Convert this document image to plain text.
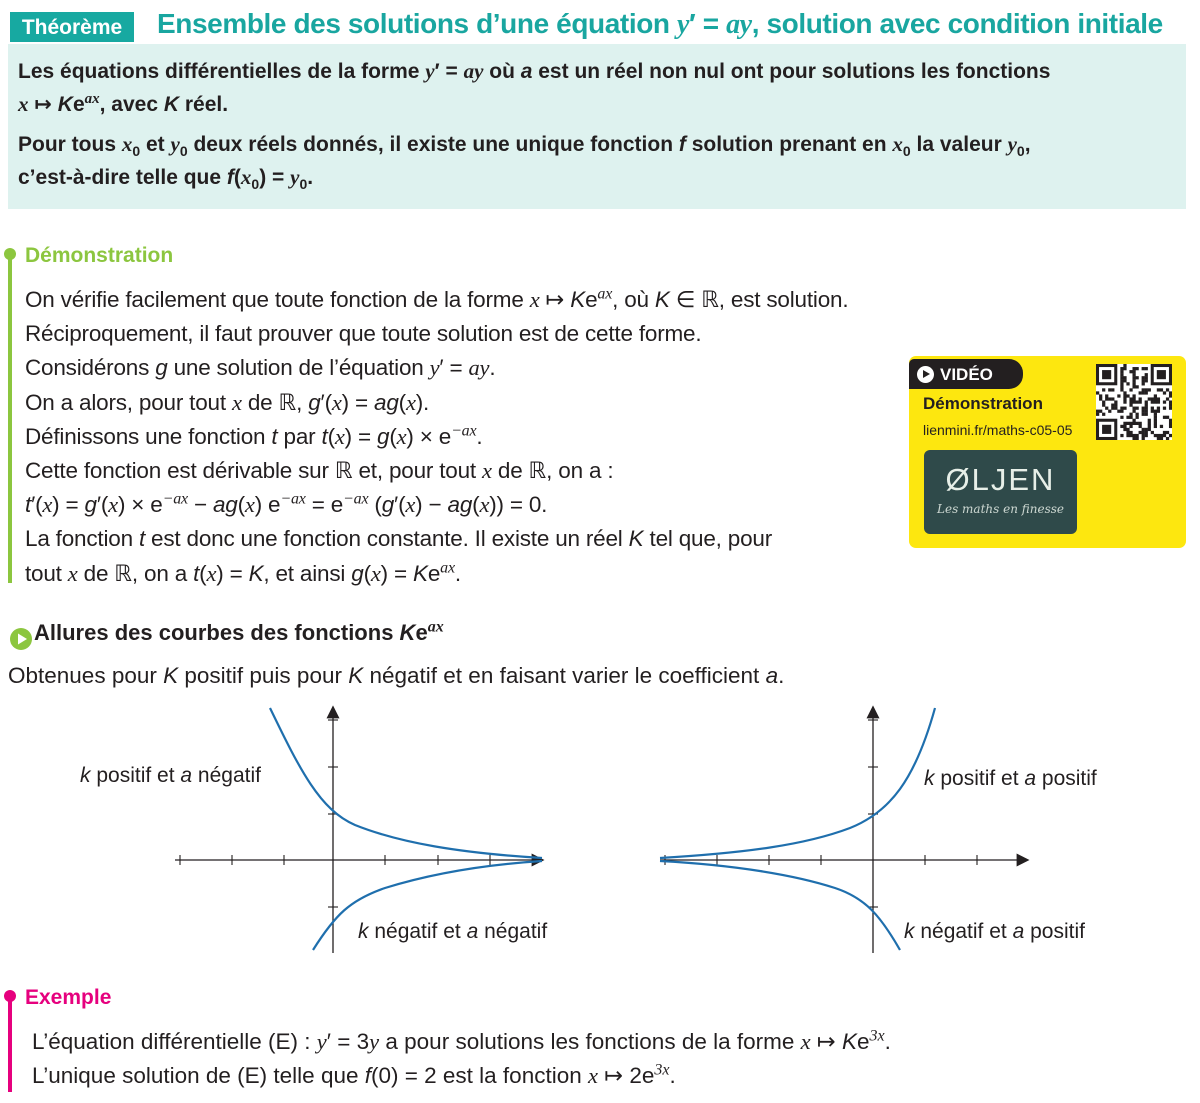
Théorème	Ensemble des solutions d’une équation y′ = ay, solution avec condition initiale
Les équations différentielles de la forme y′ = ay où a est un réel non nul ont pour solutions les fonctions
x ↦ $Ke^{ax}$, avec K réel.
Pour tous $x_0$ et $y_0$ deux réels donnés, il existe une unique fonction f solution prenant en $x_0$ la valeur $y_0$,
c’est-à-dire telle que $f(x_0) = y_0$.
Démonstration
On vérifie facilement que toute fonction de la forme x ↦ $Ke^{ax}$, où K ∈ ℝ, est solution.
Réciproquement, il faut prouver que toute solution est de cette forme.
Considérons g une solution de l’équation y′ = ay.
On a alors, pour tout x de ℝ, g′(x) = ag(x).
Définissons une fonction t par $t(x) = g(x) \times e^{-ax}$.
Cette fonction est dérivable sur ℝ et, pour tout x de ℝ, on a :
$t'(x) = g'(x) \times e^{-ax} - ag(x) e^{-ax} = e^{-ax}$ (g′(x) − ag(x)) = 0.
La fonction t est donc une fonction constante. Il existe un réel K tel que, pour
tout x de ℝ, on a t(x) = K, et ainsi $g(x) = Ke^{ax}$.
VIDÉO
Démonstration
lienmini.fr/maths-c05-05
ØLJEN
Les maths en finesse
Allures des courbes des fonctions $Ke^{ax}$
Obtenues pour K positif puis pour K négatif et en faisant varier le coefficient a.
k positif et a négatif
k négatif et a négatif
k positif et a positif
k négatif et a positif
Exemple
L’équation différentielle (E) : y′ = 3y a pour solutions les fonctions de la forme x ↦ $Ke^{3x}$.
L’unique solution de (E) telle que f(0) = 2 est la fonction x ↦ $2e^{3x}$.
